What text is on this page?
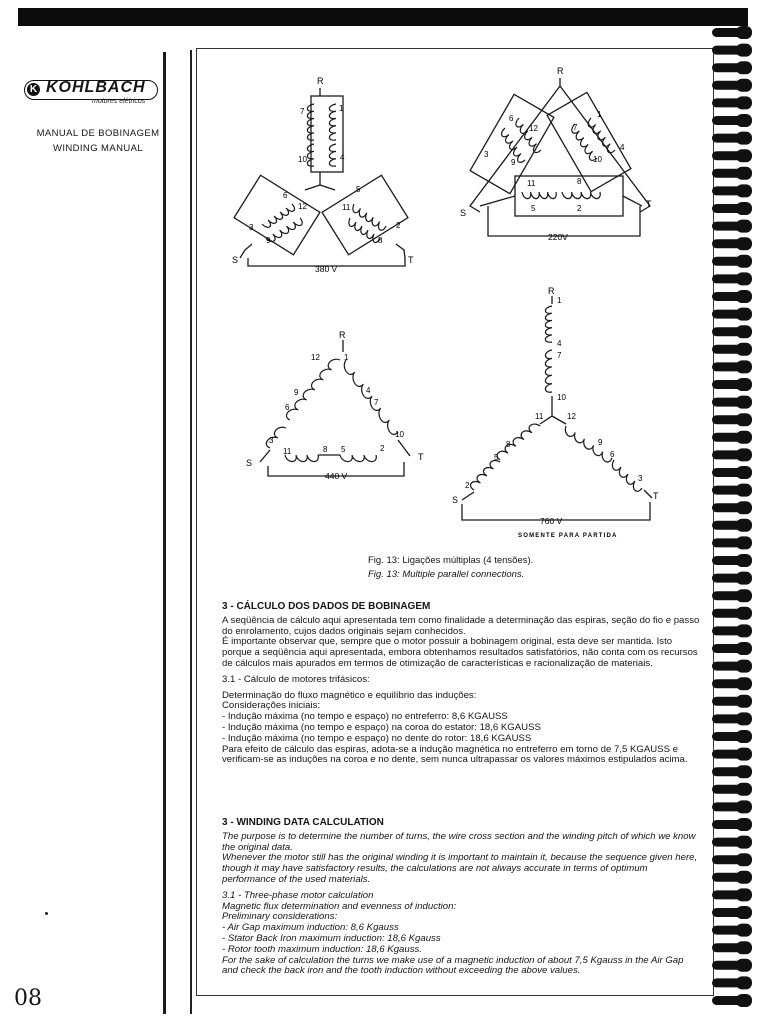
K KOHLBACH
motores elétricos
MANUAL DE BOBINAGEM
WINDING MANUAL
08
R
S	T
7	1
10	4
6
12
3
9
5
11
2
8
380 V
R
S
T
6
12
3
9
1
7
4
10
11	8
5	2
220V
R
S
T
12	1
9	4
6
7
3
10
11	8 5	2
440 V
R
S	T
1
4
7
10
11	12
8	9
5	6
2
3
760 V
SOMENTE PARA PARTIDA
Fig. 13: Ligações múltiplas (4 tensões).
Fig. 13: Multiple parallel connections.
3 - CÁLCULO DOS DADOS DE BOBINAGEM

A seqüência de cálculo aqui apresentada tem como finalidade a determinação das espiras, seção do fio e passo do enrolamento, cujos dados originais sejam conhecidos.

É importante observar que, sempre que o motor possuir a bobinagem original, esta deve ser mantida. Isto porque a seqüência aqui apresentada, embora obtenhamos resultados satisfatórios, não conta com os recursos de cálculos mais apurados em termos de otimização de características e racionalização de materiais.

3.1 - Cálculo de motores trifásicos:

Determinação do fluxo magnético e equilíbrio das induções:

Considerações iniciais:

- Indução máxima (no tempo e espaço) no entreferro: 8,6 KGAUSS

- Indução máxima (no tempo e espaço) na coroa do estator: 18,6 KGAUSS

- Indução máxima (no tempo e espaço) no dente do rotor: 18,6 KGAUSS

Para efeito de cálculo das espiras, adota-se a indução magnética no entreferro em torno de 7,5 KGAUSS e verificam-se as induções na coroa e no dente, sem nunca ultrapassar os valores máximos estipulados acima.

3 - WINDING DATA CALCULATION

The purpose is to determine the number of turns, the wire cross section and the winding pitch of which we know the original data.

Whenever the motor still has the original winding it is important to maintain it, because the sequence given here, though it may have satisfactory results, the calculations are not always accurate in terms of optimum performance of the used materials.

3.1 - Three-phase motor calculation

Magnetic flux determination and evenness of induction:

Preliminary considerations:

- Air Gap maximum induction: 8,6 Kgauss

- Stator Back Iron maximum induction: 18,6 Kgauss

- Rotor tooth maximum induction: 18,6 Kgauss.

For the sake of calculation the turns we make use of a magnetic induction of about 7,5 Kgauss in the Air Gap and check the back iron and the tooth induction without exceeding the above values.
